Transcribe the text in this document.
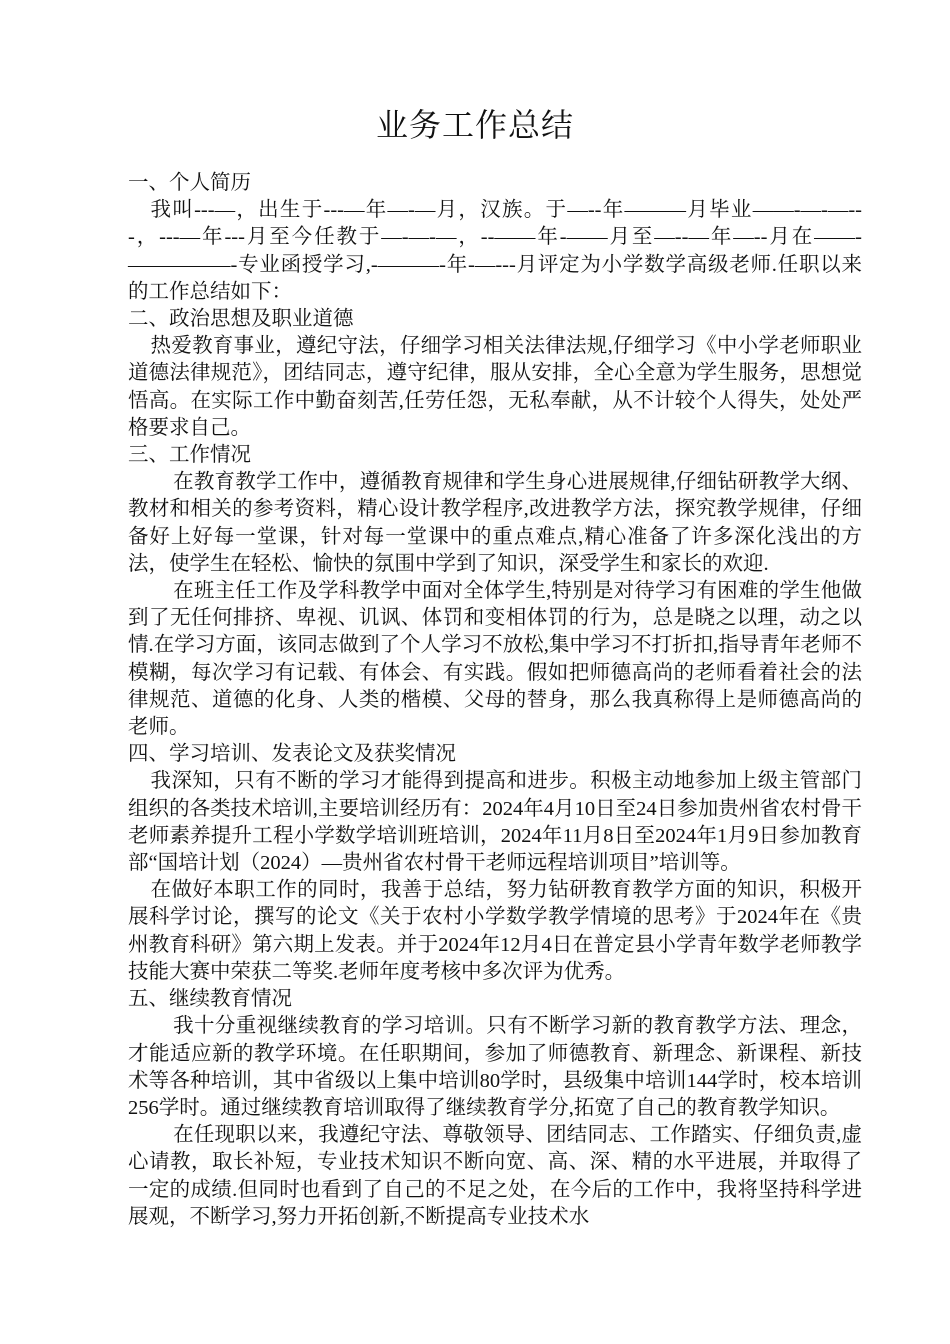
业务工作总结

一、个人简历

我叫---—，出生于---—年—-—月，汉族。于—--年———月毕业——-—-—---，---—年---月至今任教于—-—-—，--——年-——月至—--—年—--月在——-—————-专业函授学习,-———-年-—---月评定为小学数学高级老师.任职以来的工作总结如下：

二、政治思想及职业道德

热爱教育事业，遵纪守法，仔细学习相关法律法规,仔细学习《中小学老师职业道德法律规范》，团结同志，遵守纪律，服从安排，全心全意为学生服务，思想觉悟高。在实际工作中勤奋刻苦,任劳任怨，无私奉献，从不计较个人得失，处处严格要求自己。

三、工作情况

在教育教学工作中，遵循教育规律和学生身心进展规律,仔细钻研教学大纲、教材和相关的参考资料，精心设计教学程序,改进教学方法，探究教学规律，仔细备好上好每一堂课，针对每一堂课中的重点难点,精心准备了许多深化浅出的方法，使学生在轻松、愉快的氛围中学到了知识，深受学生和家长的欢迎.

在班主任工作及学科教学中面对全体学生,特别是对待学习有困难的学生他做到了无任何排挤、卑视、讥讽、体罚和变相体罚的行为，总是晓之以理，动之以情.在学习方面，该同志做到了个人学习不放松,集中学习不打折扣,指导青年老师不模糊，每次学习有记载、有体会、有实践。假如把师德高尚的老师看着社会的法律规范、道德的化身、人类的楷模、父母的替身，那么我真称得上是师德高尚的老师。

四、学习培训、发表论文及获奖情况

我深知，只有不断的学习才能得到提高和进步。积极主动地参加上级主管部门组织的各类技术培训,主要培训经历有：2024年4月10日至24日参加贵州省农村骨干老师素养提升工程小学数学培训班培训，2024年11月8日至2024年1月9日参加教育部“国培计划（2024）—贵州省农村骨干老师远程培训项目”培训等。

在做好本职工作的同时，我善于总结，努力钻研教育教学方面的知识，积极开展科学讨论，撰写的论文《关于农村小学数学教学情境的思考》于2024年在《贵州教育科研》第六期上发表。并于2024年12月4日在普定县小学青年数学老师教学技能大赛中荣获二等奖.老师年度考核中多次评为优秀。

五、继续教育情况

我十分重视继续教育的学习培训。只有不断学习新的教育教学方法、理念，才能适应新的教学环境。在任职期间，参加了师德教育、新理念、新课程、新技术等各种培训，其中省级以上集中培训80学时，县级集中培训144学时，校本培训256学时。通过继续教育培训取得了继续教育学分,拓宽了自己的教育教学知识。

在任现职以来，我遵纪守法、尊敬领导、团结同志、工作踏实、仔细负责,虚心请教，取长补短，专业技术知识不断向宽、高、深、精的水平进展，并取得了一定的成绩.但同时也看到了自己的不足之处，在今后的工作中，我将坚持科学进展观，不断学习,努力开拓创新,不断提高专业技术水
